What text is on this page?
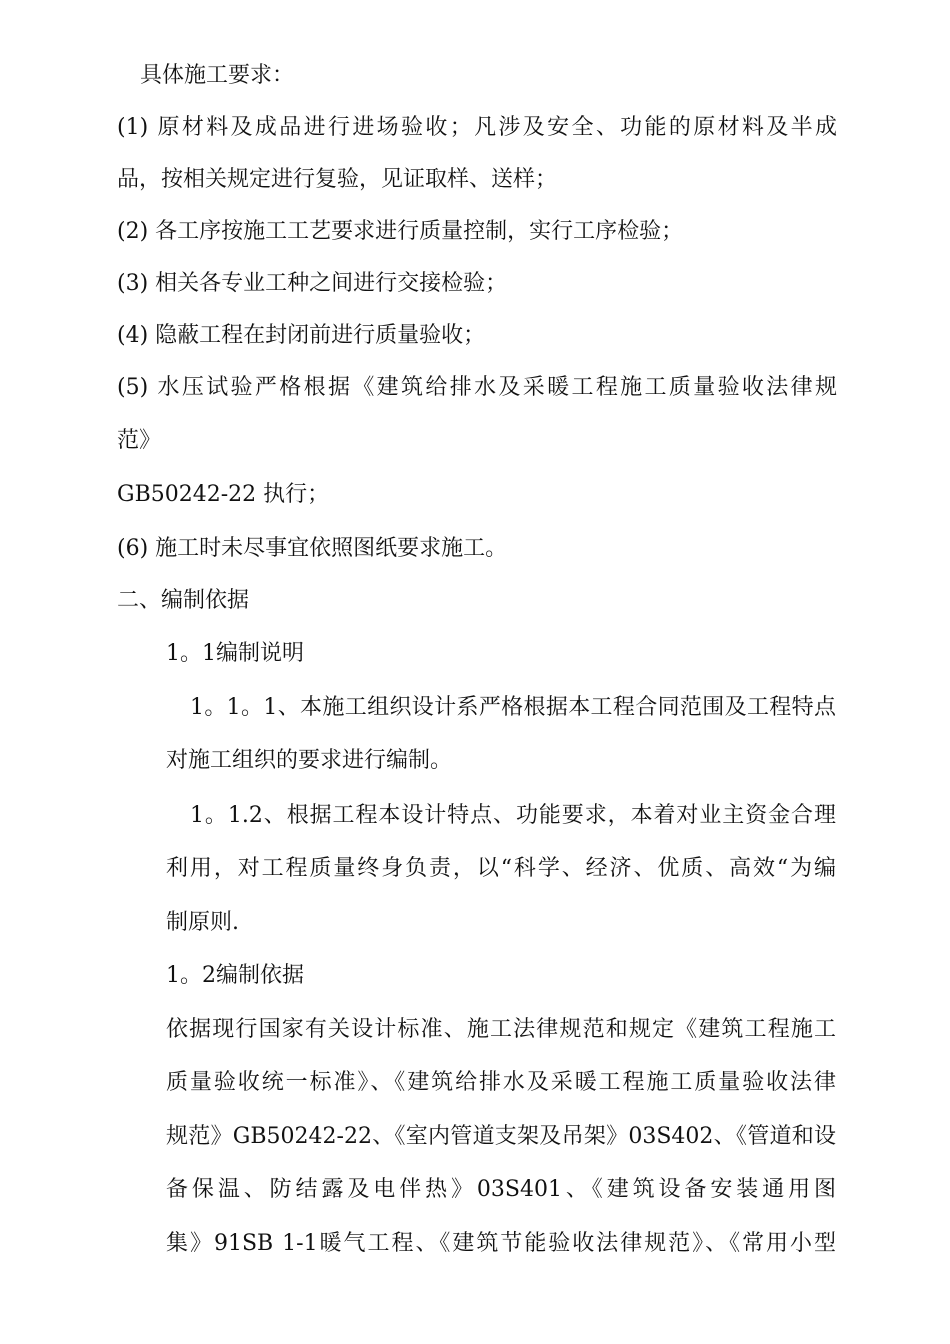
具体施工要求：

(1) 原材料及成品进行进场验收；凡涉及安全、功能的原材料及半成

品，按相关规定进行复验，见证取样、送样；

(2) 各工序按施工工艺要求进行质量控制，实行工序检验；

(3) 相关各专业工种之间进行交接检验；

(4) 隐蔽工程在封闭前进行质量验收；

(5) 水压试验严格根据《建筑给排水及采暖工程施工质量验收法律规

范》

GB50242-22 执行；

(6) 施工时未尽事宜依照图纸要求施工。

二、编制依据

1。1编制说明

1。1。1、本施工组织设计系严格根据本工程合同范围及工程特点

对施工组织的要求进行编制。

1。1.2、根据工程本设计特点、功能要求，本着对业主资金合理

利用，对工程质量终身负责，以“科学、经济、优质、高效“为编

制原则.

1。2编制依据

依据现行国家有关设计标准、施工法律规范和规定《建筑工程施工

质量验收统一标准》、《建筑给排水及采暖工程施工质量验收法律

规范》GB50242-22、《室内管道支架及吊架》03S402、《管道和设

备保温、防结露及电伴热》03S401、《建筑设备安装通用图

集》91SB 1-1暖气工程、《建筑节能验收法律规范》、《常用小型
